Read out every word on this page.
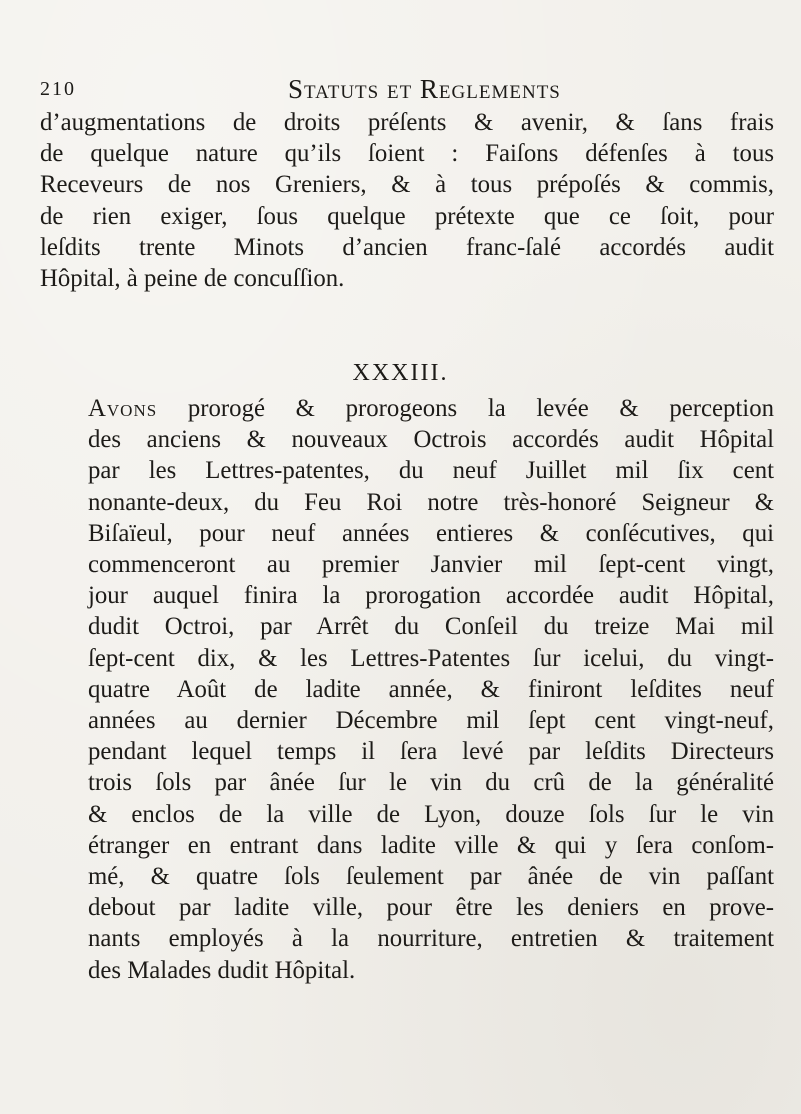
210	Statuts et Reglements
d’augmentations de droits préſents & avenir, & ſans frais
de quelque nature qu’ils ſoient : Faiſons défenſes à tous
Receveurs de nos Greniers, & à tous prépoſés & commis,
de rien exiger, ſous quelque prétexte que ce ſoit, pour
leſdits trente Minots d’ancien franc-ſalé accordés audit
Hôpital, à peine de concuſſion.
XXXIII.
Avons prorogé & prorogeons la levée & perception
des anciens & nouveaux Octrois accordés audit Hôpital
par les Lettres-patentes, du neuf Juillet mil ſix cent
nonante-deux, du Feu Roi notre très-honoré Seigneur &
Biſaïeul, pour neuf années entieres & conſécutives, qui
commenceront au premier Janvier mil ſept-cent vingt,
jour auquel finira la prorogation accordée audit Hôpital,
dudit Octroi, par Arrêt du Conſeil du treize Mai mil
ſept-cent dix, & les Lettres-Patentes ſur icelui, du vingt-
quatre Août de ladite année, & finiront leſdites neuf
années au dernier Décembre mil ſept cent vingt-neuf,
pendant lequel temps il ſera levé par leſdits Directeurs
trois ſols par ânée ſur le vin du crû de la généralité
& enclos de la ville de Lyon, douze ſols ſur le vin
étranger en entrant dans ladite ville & qui y ſera conſom-
mé, & quatre ſols ſeulement par ânée de vin paſſant
debout par ladite ville, pour être les deniers en prove-
nants employés à la nourriture, entretien & traitement
des Malades dudit Hôpital.
